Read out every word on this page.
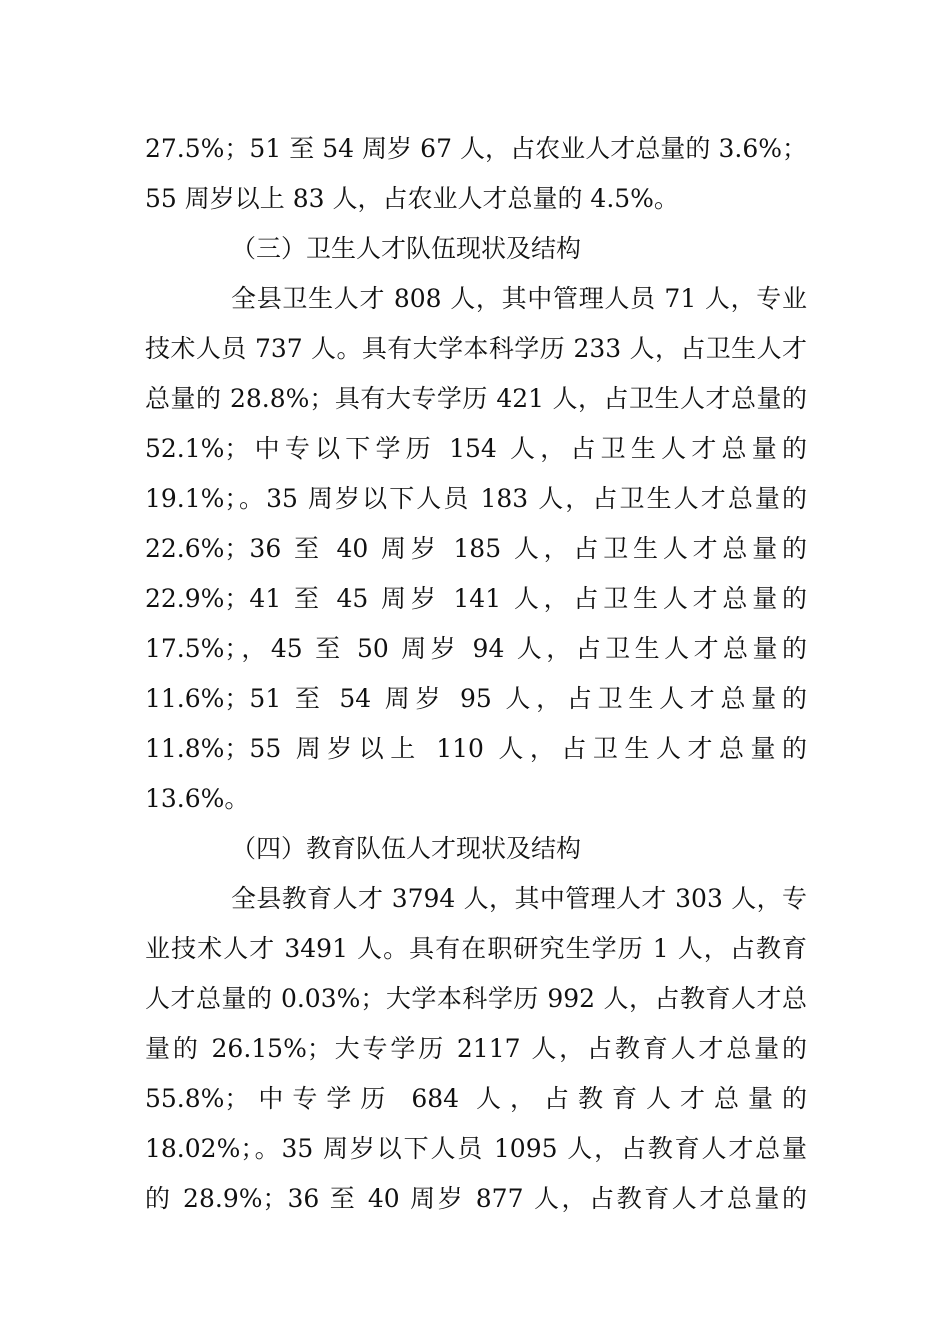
27.5%；51 至 54 周岁 67 人，占农业人才总量的 3.6%；
55 周岁以上 83 人，占农业人才总量的 4.5%。
（三）卫生人才队伍现状及结构
全县卫生人才 808 人，其中管理人员 71 人，专业
技术人员 737 人。具有大学本科学历 233 人，占卫生人才
总量的 28.8%；具有大专学历 421 人，占卫生人才总量的
52.1%；中专以下学历 154 人，占卫生人才总量的
19.1%；。35 周岁以下人员 183 人，占卫生人才总量的
22.6%；36 至 40 周岁 185 人，占卫生人才总量的
22.9%；41 至 45 周岁 141 人，占卫生人才总量的
17.5%；，45 至 50 周岁 94 人，占卫生人才总量的
11.6%；51 至 54 周岁 95 人，占卫生人才总量的
11.8%；55 周岁以上 110 人，占卫生人才总量的
13.6%。
（四）教育队伍人才现状及结构
全县教育人才 3794 人，其中管理人才 303 人，专
业技术人才 3491 人。具有在职研究生学历 1 人，占教育
人才总量的 0.03%；大学本科学历 992 人，占教育人才总
量的 26.15%；大专学历 2117 人，占教育人才总量的
55.8%；中专学历 684 人，占教育人才总量的
18.02%；。35 周岁以下人员 1095 人，占教育人才总量
的 28.9%；36 至 40 周岁 877 人，占教育人才总量的
